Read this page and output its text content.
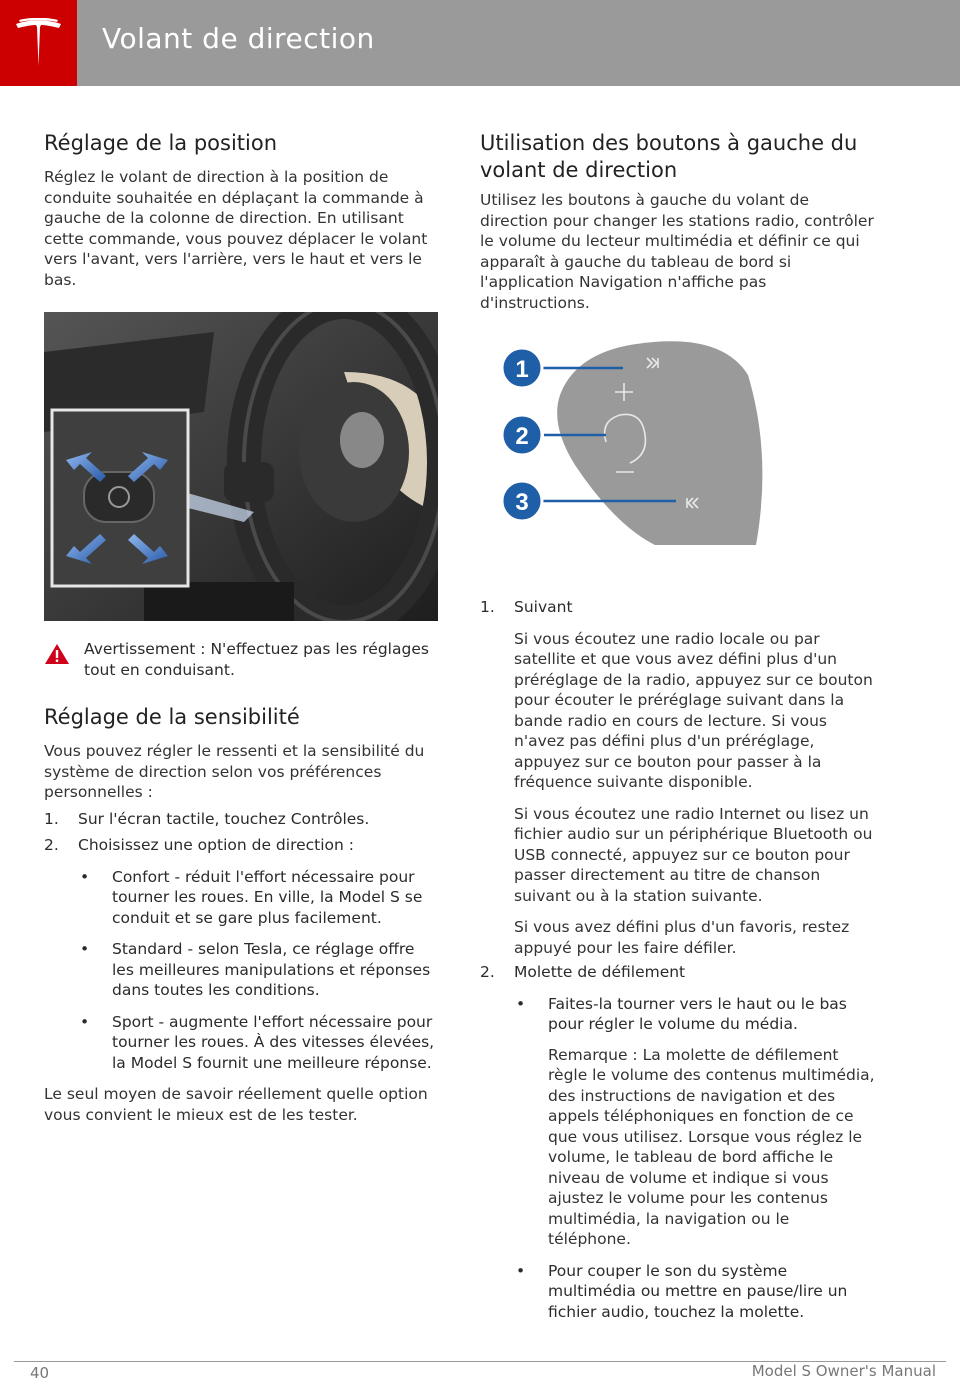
Volant de direction
Réglage de la position

Réglez le volant de direction à la position de conduite souhaitée en déplaçant la commande à gauche de la colonne de direction. En utilisant cette commande, vous pouvez déplacer le volant vers l'avant, vers l'arrière, vers le haut et vers le bas.

Avertissement : N'effectuez pas les réglages tout en conduisant.
Réglage de la sensibilité

Vous pouvez régler le ressenti et la sensibilité du système de direction selon vos préférences personnelles :

1.	Sur l'écran tactile, touchez Contrôles.
2.	Choisissez une option de direction :
•	Confort - réduit l'effort nécessaire pour tourner les roues. En ville, la Model S se conduit et se gare plus facilement.
•	Standard - selon Tesla, ce réglage offre les meilleures manipulations et réponses dans toutes les conditions.
•	Sport - augmente l'effort nécessaire pour tourner les roues. À des vitesses élevées, la Model S fournit une meilleure réponse.

Le seul moyen de savoir réellement quelle option vous convient le mieux est de les tester.

Utilisation des boutons à gauche du volant de direction

Utilisez les boutons à gauche du volant de direction pour changer les stations radio, contrôler le volume du lecteur multimédia et définir ce qui apparaît à gauche du tableau de bord si l'application Navigation n'affiche pas d'instructions.

1
2
3
1.	Suivant

Si vous écoutez une radio locale ou par satellite et que vous avez défini plus d'un préréglage de la radio, appuyez sur ce bouton pour écouter le préréglage suivant dans la bande radio en cours de lecture. Si vous n'avez pas défini plus d'un préréglage, appuyez sur ce bouton pour passer à la fréquence suivante disponible.

Si vous écoutez une radio Internet ou lisez un fichier audio sur un périphérique Bluetooth ou USB connecté, appuyez sur ce bouton pour passer directement au titre de chanson suivant ou à la station suivante.

Si vous avez défini plus d'un favoris, restez appuyé pour les faire défiler.

2.	Molette de défilement
•	Faites-la tourner vers le haut ou le bas pour régler le volume du média.

Remarque : La molette de défilement règle le volume des contenus multimédia, des instructions de navigation et des appels téléphoniques en fonction de ce que vous utilisez. Lorsque vous réglez le volume, le tableau de bord affiche le niveau de volume et indique si vous ajustez le volume pour les contenus multimédia, la navigation ou le téléphone.

•	Pour couper le son du système multimédia ou mettre en pause/lire un fichier audio, touchez la molette.
40	Model S Owner's Manual
